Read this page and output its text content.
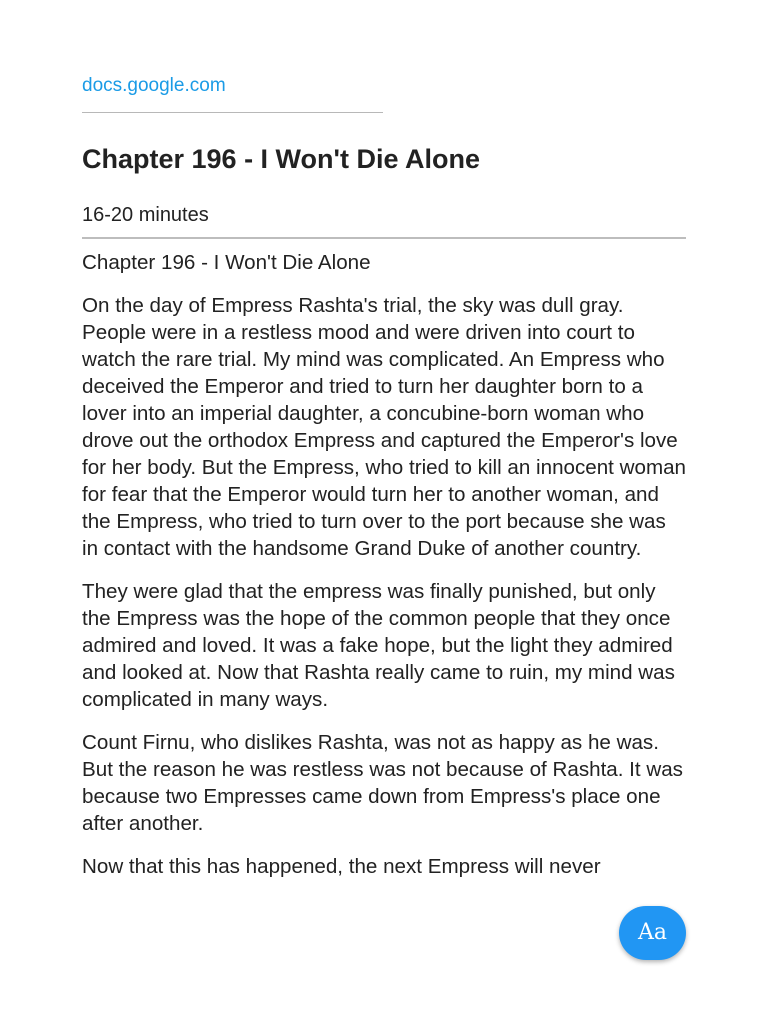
docs.google.com
Chapter 196 - I Won't Die Alone
16-20 minutes

Chapter 196 - I Won't Die Alone

On the day of Empress Rashta's trial, the sky was dull gray. People were in a restless mood and were driven into court to watch the rare trial. My mind was complicated. An Empress who deceived the Emperor and tried to turn her daughter born to a lover into an imperial daughter, a concubine-born woman who drove out the orthodox Empress and captured the Emperor's love for her body. But the Empress, who tried to kill an innocent woman for fear that the Emperor would turn her to another woman, and the Empress, who tried to turn over to the port because she was in contact with the handsome Grand Duke of another country.

They were glad that the empress was finally punished, but only the Empress was the hope of the common people that they once admired and loved. It was a fake hope, but the light they admired and looked at. Now that Rashta really came to ruin, my mind was complicated in many ways.

Count Firnu, who dislikes Rashta, was not as happy as he was. But the reason he was restless was not because of Rashta. It was because two Empresses came down from Empress's place one after another.

Now that this has happened, the next Empress will never

Aa
